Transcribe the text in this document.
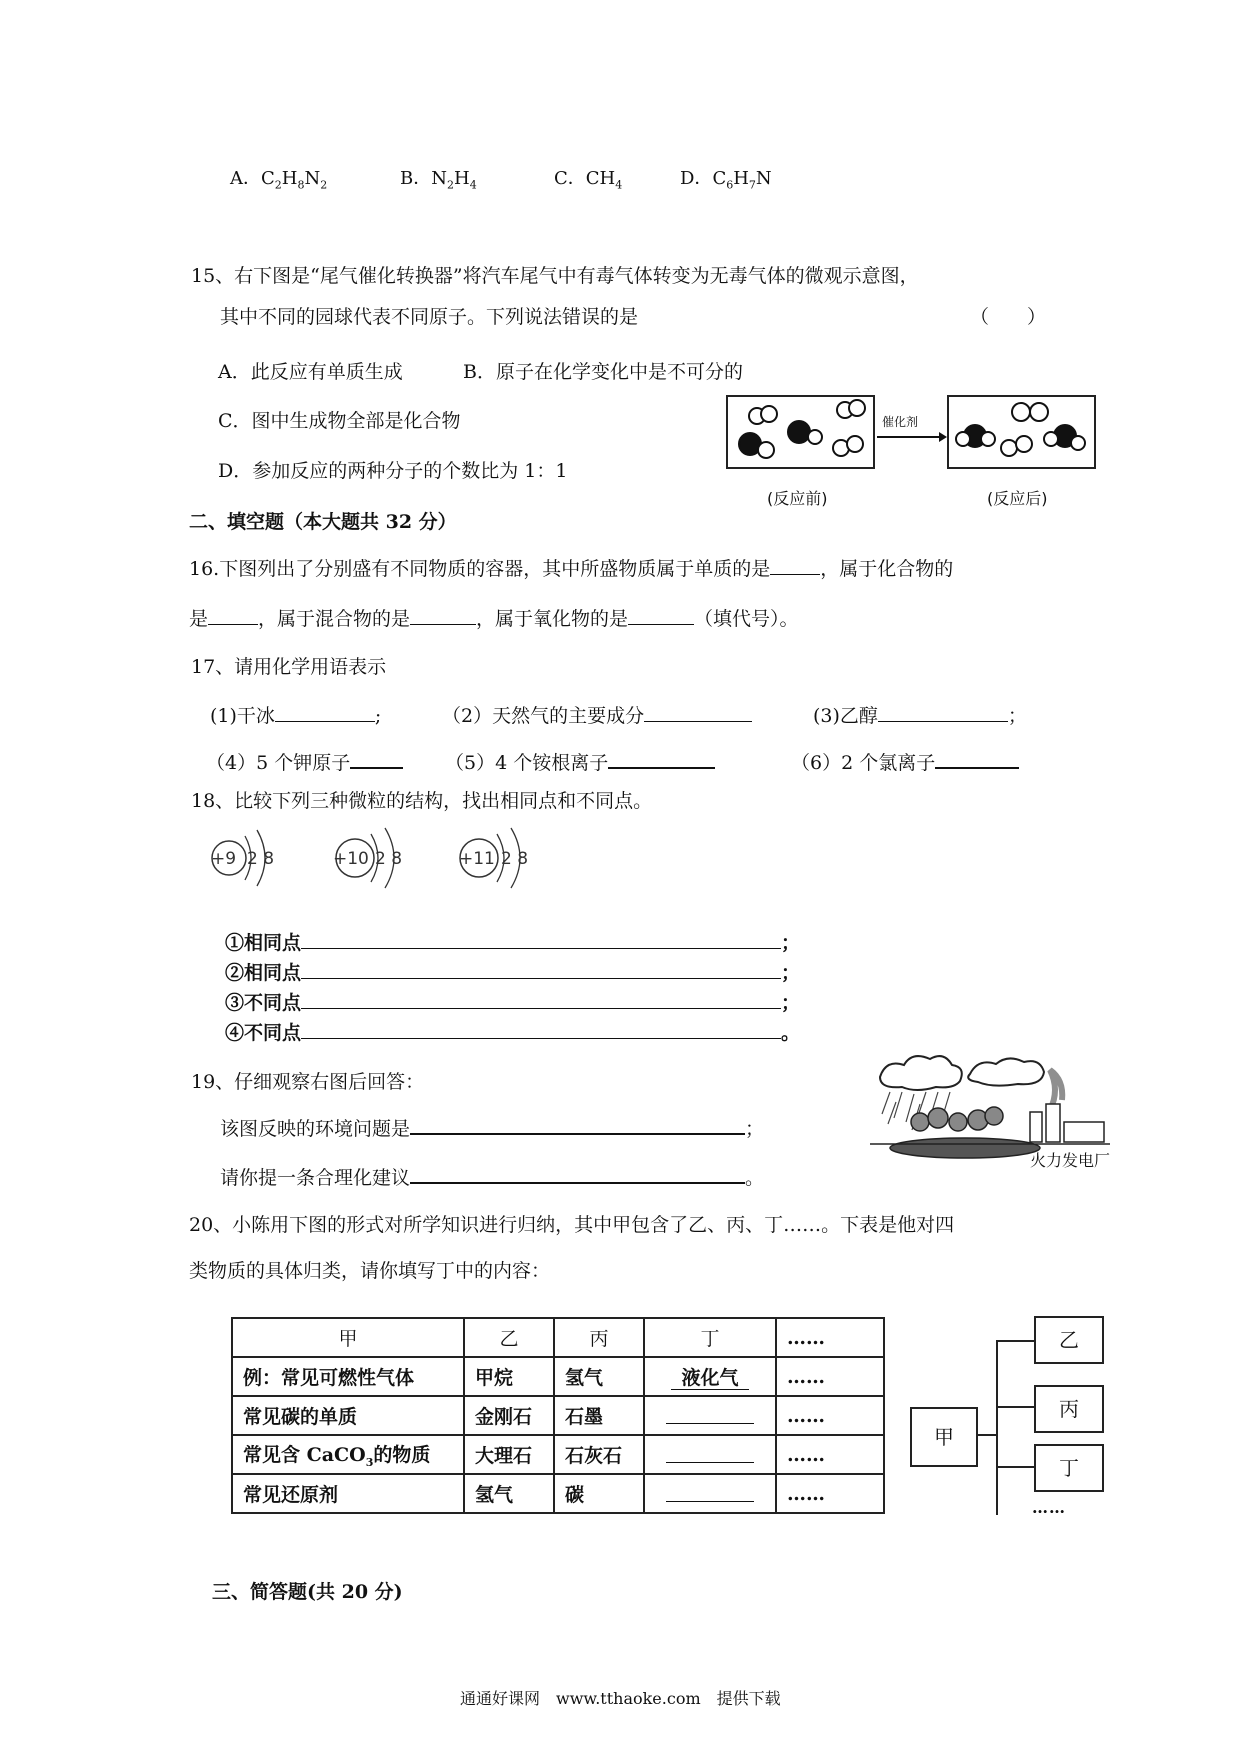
A．$C_2H_8N_2$	B．$N_2H_4$	C．$CH_4$	D．$C_6H_7N$
15、右下图是“尾气催化转换器”将汽车尾气中有毒气体转变为无毒气体的微观示意图，
其中不同的园球代表不同原子。下列说法错误的是	（　　）
A．此反应有单质生成	B．原子在化学变化中是不可分的
C．图中生成物全部是化合物
D．参加反应的两种分子的个数比为 1：1
催化剂
(反应前)	(反应后)
二、填空题（本大题共 32 分）
16.下图列出了分别盛有不同物质的容器，其中所盛物质属于单质的是	，属于化合物的
是	，属于混合物的是	，属于氧化物的是	（填代号）。
17、请用化学用语表示
(1)干冰	;	（2）天然气的主要成分	(3)乙醇	；
（4）5 个钾原子	（5）4 个铵根离子	（6）2 个氯离子
18、比较下列三种微粒的结构，找出相同点和不同点。
+9 2 8	+10 2 8	+11 2 8
①相同点	；
②相同点	；
③不同点	；
④不同点	。
19、仔细观察右图后回答：
该图反映的环境问题是	；
请你提一条合理化建议	。
火力发电厂
20、小陈用下图的形式对所学知识进行归纳，其中甲包含了乙、丙、丁……。下表是他对四
类物质的具体归类，请你填写丁中的内容：
甲	乙	丙	丁	……
例：常见可燃性气体	甲烷	氢气	液化气	……
常见碳的单质	金刚石	石墨		……
常见含 CaCO$_3$的物质	大理石	石灰石		……
常见还原剂	氢气	碳		……
甲
乙
丙
丁
……
三、简答题(共 20 分)
通通好课网　www.tthaoke.com　提供下载
